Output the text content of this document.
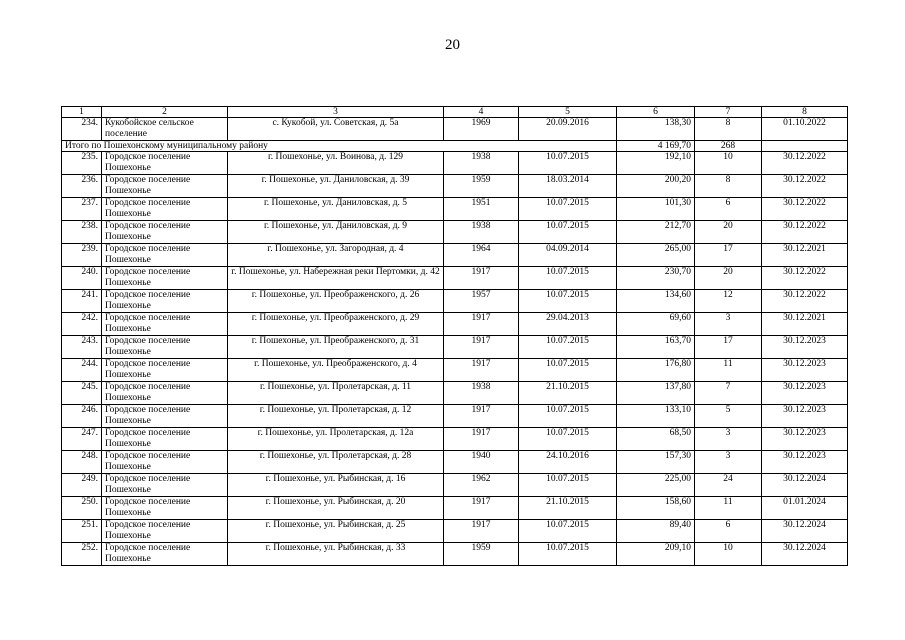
20
1	2	3	4	5	6	7	8
234.	Кукобойское сельское поселение	с. Кукобой, ул. Советская, д. 5а	1969	20.09.2016	138,30	8	01.10.2022
Итого по Пошехонскому муниципальному району					4 169,70	268	
235.	Городское поселение Пошехонье	г. Пошехонье, ул. Воинова, д. 129	1938	10.07.2015	192,10	10	30.12.2022
236.	Городское поселение Пошехонье	г. Пошехонье, ул. Даниловская, д. 39	1959	18.03.2014	200,20	8	30.12.2022
237.	Городское поселение Пошехонье	г. Пошехонье, ул. Даниловская, д. 5	1951	10.07.2015	101,30	6	30.12.2022
238.	Городское поселение Пошехонье	г. Пошехонье, ул. Даниловская, д. 9	1938	10.07.2015	212,70	20	30.12.2022
239.	Городское поселение Пошехонье	г. Пошехонье, ул. Загородная, д. 4	1964	04.09.2014	265,00	17	30.12.2021
240.	Городское поселение Пошехонье	г. Пошехонье, ул. Набережная реки Пертомки, д. 42	1917	10.07.2015	230,70	20	30.12.2022
241.	Городское поселение Пошехонье	г. Пошехонье, ул. Преображенского, д. 26	1957	10.07.2015	134,60	12	30.12.2022
242.	Городское поселение Пошехонье	г. Пошехонье, ул. Преображенского, д. 29	1917	29.04.2013	69,60	3	30.12.2021
243.	Городское поселение Пошехонье	г. Пошехонье, ул. Преображенского, д. 31	1917	10.07.2015	163,70	17	30.12.2023
244.	Городское поселение Пошехонье	г. Пошехонье, ул. Преображенского, д. 4	1917	10.07.2015	176,80	11	30.12.2023
245.	Городское поселение Пошехонье	г. Пошехонье, ул. Пролетарская, д. 11	1938	21.10.2015	137,80	7	30.12.2023
246.	Городское поселение Пошехонье	г. Пошехонье, ул. Пролетарская, д. 12	1917	10.07.2015	133,10	5	30.12.2023
247.	Городское поселение Пошехонье	г. Пошехонье, ул. Пролетарская, д. 12а	1917	10.07.2015	68,50	3	30.12.2023
248.	Городское поселение Пошехонье	г. Пошехонье, ул. Пролетарская, д. 28	1940	24.10.2016	157,30	3	30.12.2023
249.	Городское поселение Пошехонье	г. Пошехонье, ул. Рыбинская, д. 16	1962	10.07.2015	225,00	24	30.12.2024
250.	Городское поселение Пошехонье	г. Пошехонье, ул. Рыбинская, д. 20	1917	21.10.2015	158,60	11	01.01.2024
251.	Городское поселение Пошехонье	г. Пошехонье, ул. Рыбинская, д. 25	1917	10.07.2015	89,40	6	30.12.2024
252.	Городское поселение Пошехонье	г. Пошехонье, ул. Рыбинская, д. 33	1959	10.07.2015	209,10	10	30.12.2024
